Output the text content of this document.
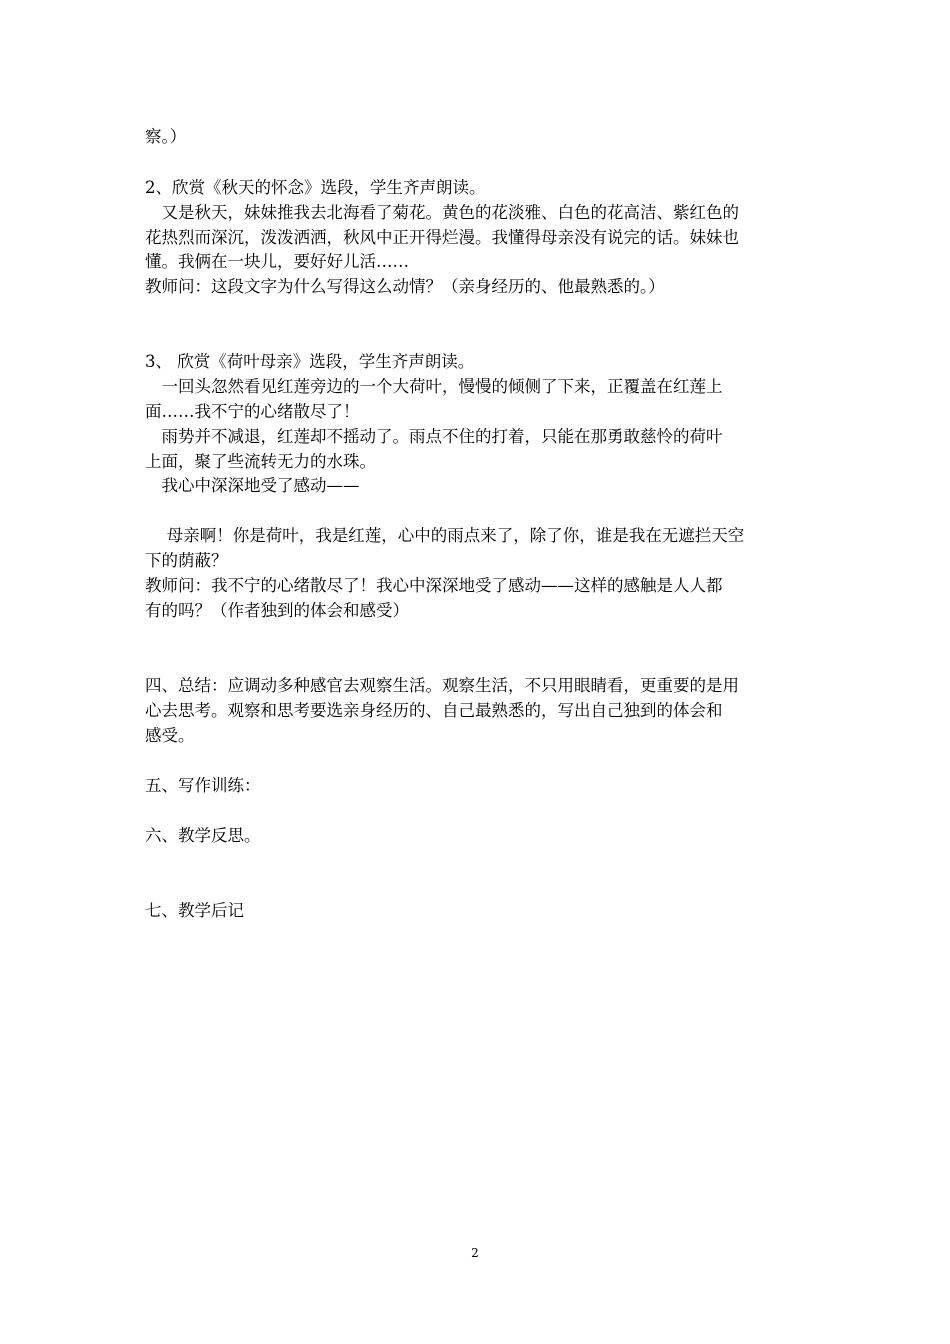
察。）
2、欣赏《秋天的怀念》选段，学生齐声朗读。
　又是秋天，妹妹推我去北海看了菊花。黄色的花淡雅、白色的花高洁、紫红色的
花热烈而深沉，泼泼洒洒，秋风中正开得烂漫。我懂得母亲没有说完的话。妹妹也
懂。我俩在一块儿，要好好儿活……
教师问：这段文字为什么写得这么动情？（亲身经历的、他最熟悉的。）
3、 欣赏《荷叶母亲》选段，学生齐声朗读。
　一回头忽然看见红莲旁边的一个大荷叶，慢慢的倾侧了下来，正覆盖在红莲上
面……我不宁的心绪散尽了！
　雨势并不减退，红莲却不摇动了。雨点不住的打着，只能在那勇敢慈怜的荷叶
上面，聚了些流转无力的水珠。
　我心中深深地受了感动——
　 母亲啊！你是荷叶，我是红莲，心中的雨点来了，除了你，谁是我在无遮拦天空
下的荫蔽？
教师问：我不宁的心绪散尽了！我心中深深地受了感动——这样的感触是人人都
有的吗？（作者独到的体会和感受）
四、总结：应调动多种感官去观察生活。观察生活，不只用眼睛看，更重要的是用
心去思考。观察和思考要选亲身经历的、自己最熟悉的，写出自己独到的体会和
感受。
五、写作训练：
六、教学反思。
七、教学后记
2
